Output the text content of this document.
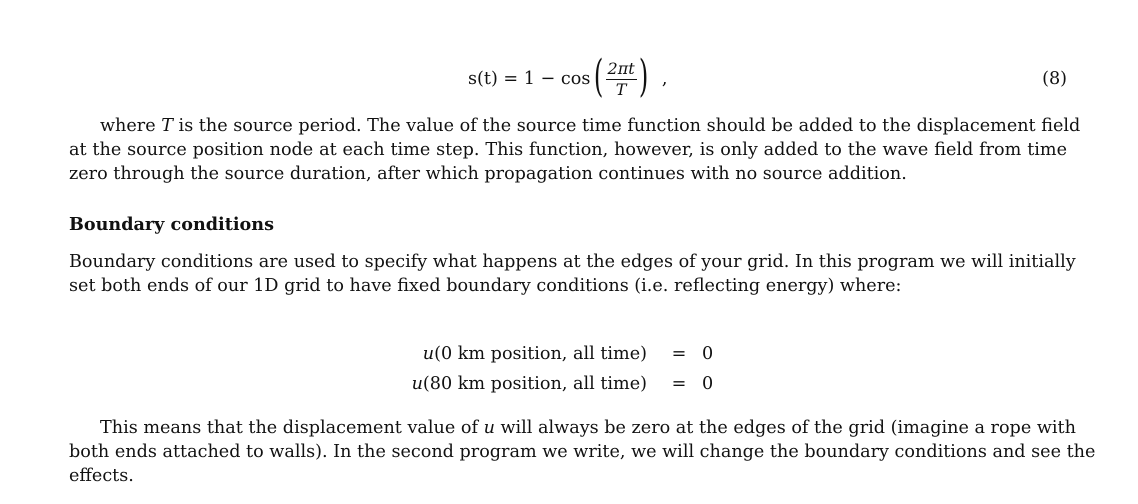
s(t) = 1 − cos ( $\frac{2\pi t}{T}$ ) ,	(8)
where T is the source period. The value of the source time function should be added to the displacement field
at the source position node at each time step. This function, however, is only added to the wave field from time
zero through the source duration, after which propagation continues with no source addition.
Boundary conditions
Boundary conditions are used to specify what happens at the edges of your grid. In this program we will initially
set both ends of our 1D grid to have fixed boundary conditions (i.e. reflecting energy) where:
u(0 km position, all time) = 0
u(80 km position, all time) = 0
This means that the displacement value of u will always be zero at the edges of the grid (imagine a rope with
both ends attached to walls). In the second program we write, we will change the boundary conditions and see the
effects.
